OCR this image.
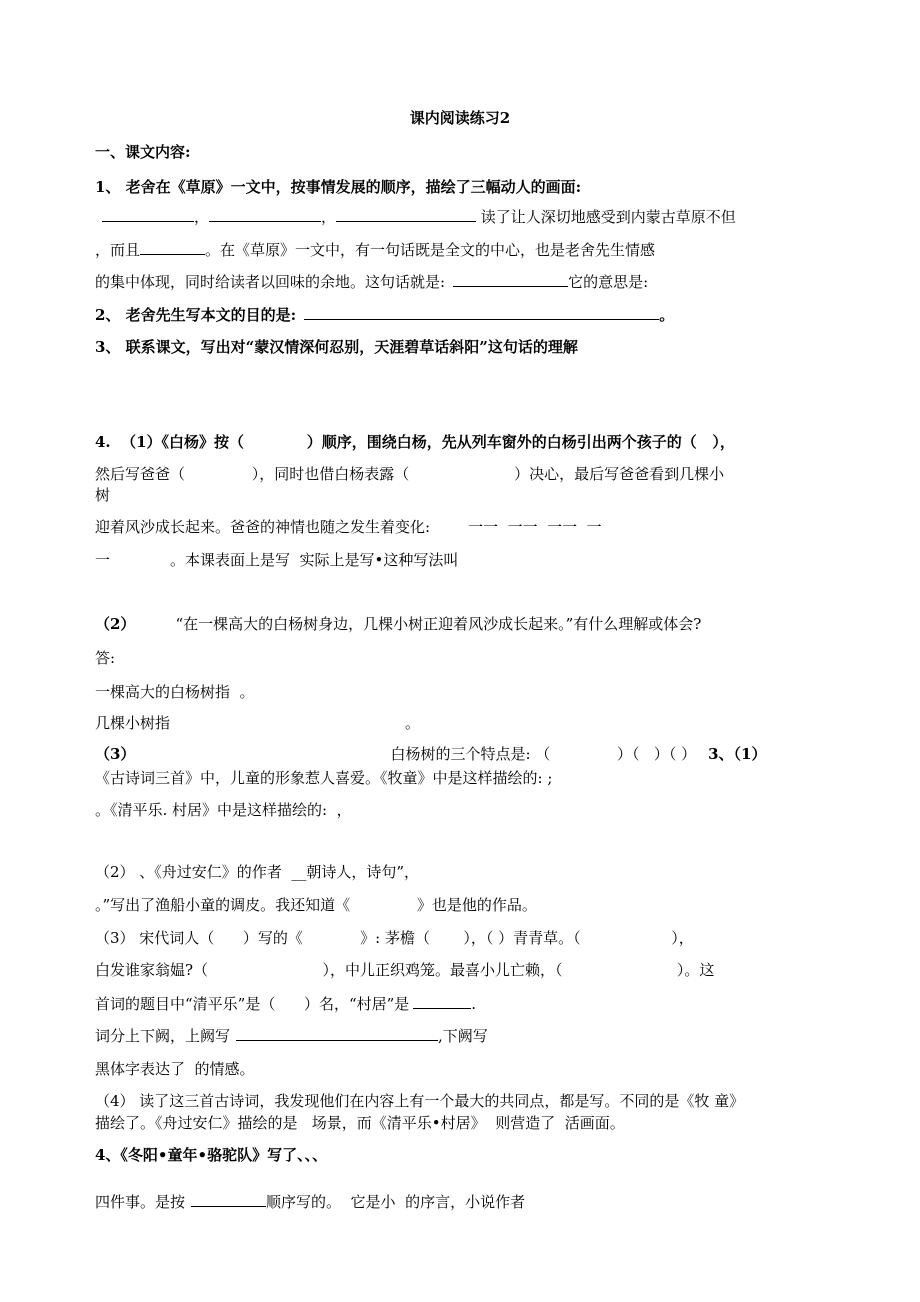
课内阅读练习2
一、课文内容:
1、 老舍在《草原》一文中，按事情发展的顺序，描绘了三幅动人的画面:
，	，	读了让人深切地感受到内蒙古草原不但
，而且	。在《草原》一文中，有一句话既是全文的中心，也是老舍先生情感
的集中体现，同时给读者以回味的余地。这句话就是:	它的意思是:
2、 老舍先生写本文的目的是:	。
3、 联系课文，写出对“蒙汉情深何忍别，天涯碧草话斜阳”这句话的理解
4.  （1）《白杨》按（            ）顺序，围绕白杨，先从列车窗外的白杨引出两个孩子的（   ），
然后写爸爸（              ），同时也借白杨表露（                      ）决心，最后写爸爸看到几棵小
树
迎着风沙成长起来。爸爸的神情也随之发生着变化:	一一  一一  一一  一
一	。本课表面上是写  实际上是写•这种写法叫
（2）	“在一棵高大的白杨树身边，几棵小树正迎着风沙成长起来。”有什么理解或体会?
答:
一棵高大的白杨树指  。
几棵小树指	。
（3）	白杨树的三个特点是: （              ）（   ）（ ） 3、（1）
《古诗词三首》中，儿童的形象惹人喜爱。《牧童》中是这样描绘的: ;
。《清平乐. 村居》中是这样描绘的:  ，
（2） 、《舟过安仁》的作者  __朝诗人，诗句”，
。”写出了渔船小童的调皮。我还知道《              》也是他的作品。
（3） 宋代词人（      ）写的《            》: 茅檐（       ），（ ）青青草。（                   ），
白发谁家翁媪?（                        ），中儿正织鸡笼。最喜小儿亡赖，（                        ）。这
首词的题目中“清平乐”是（      ）名，“村居”是	.
词分上下阙，上阙写	,下阙写
黑体字表达了  的情感。
（4） 读了这三首古诗词，我发现他们在内容上有一个最大的共同点，都是写。不同的是《牧 童》
描绘了。《舟过安仁》描绘的是   场景，而《清平乐•村居》  则营造了  活画面。
4、《冬阳•童年•骆驼队》写了、、、
四件事。是按	顺序写的。  它是小  的序言，小说作者
